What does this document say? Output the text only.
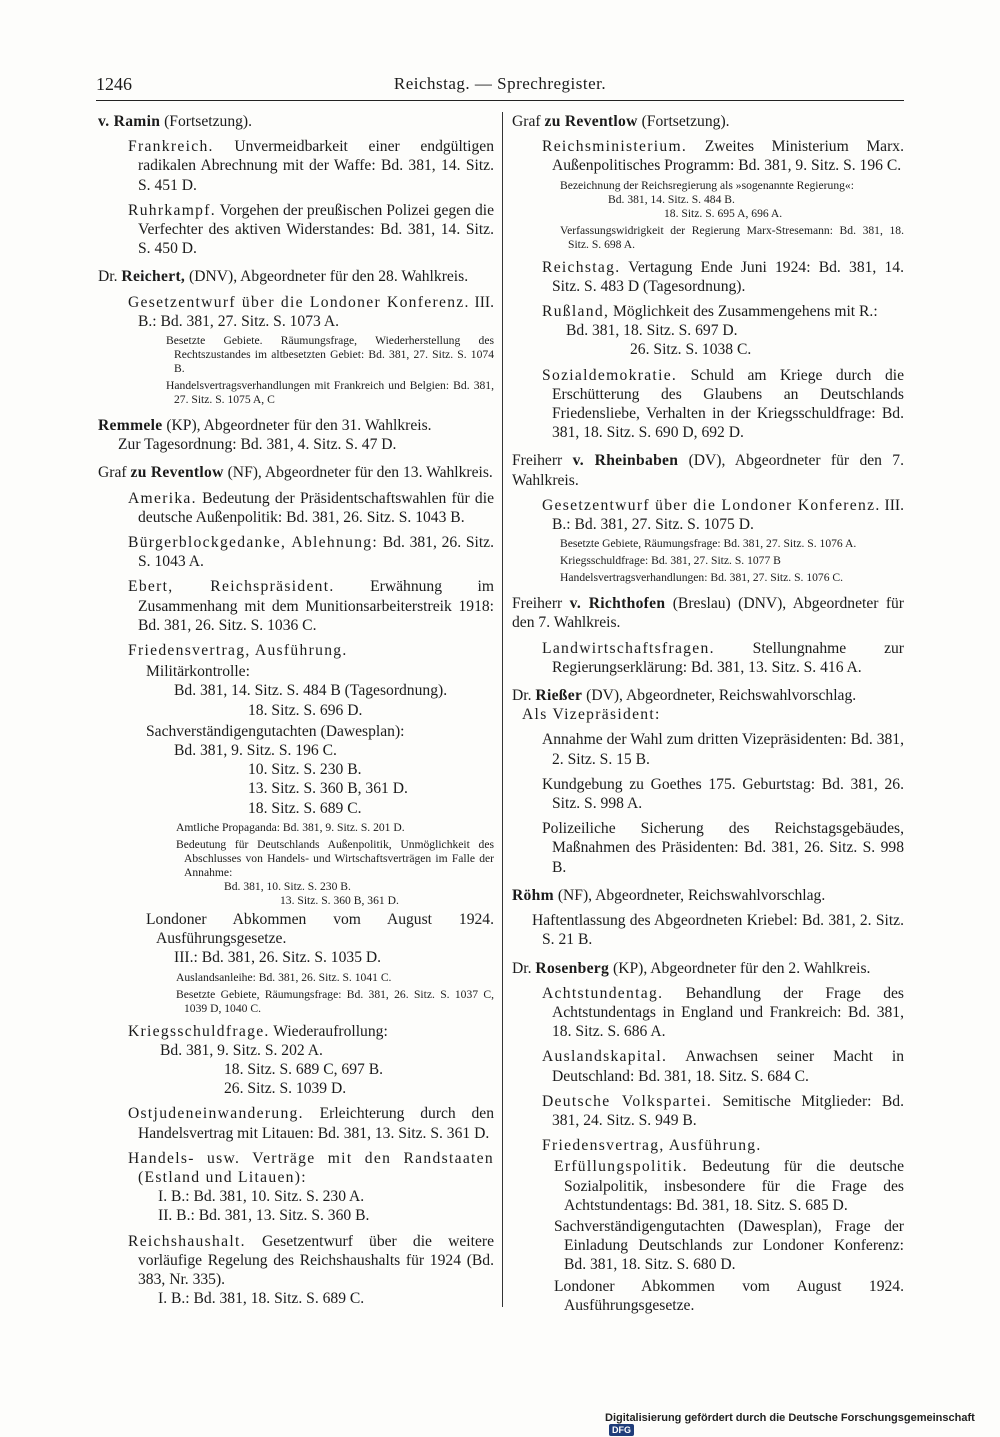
1246	Reichstag. — Sprechregister.
v. Ramin (Fortsetzung).
Frankreich. Unvermeidbarkeit einer endgültigen radikalen Abrechnung mit der Waffe: Bd. 381, 14. Sitz. S. 451 D.
Ruhrkampf. Vorgehen der preußischen Polizei gegen die Verfechter des aktiven Widerstandes: Bd. 381, 14. Sitz. S. 450 D.
Dr. Reichert, (DNV), Abgeordneter für den 28. Wahlkreis.
Gesetzentwurf über die Londoner Konferenz. III. B.: Bd. 381, 27. Sitz. S. 1073 A.
Besetzte Gebiete. Räumungsfrage, Wiederherstellung des Rechtszustandes im altbesetzten Gebiet: Bd. 381, 27. Sitz. S. 1074 B.
Handelsvertragsverhandlungen mit Frankreich und Belgien: Bd. 381, 27. Sitz. S. 1075 A, C
Remmele (KP), Abgeordneter für den 31. Wahlkreis.
Zur Tagesordnung: Bd. 381, 4. Sitz. S. 47 D.
Graf zu Reventlow (NF), Abgeordneter für den 13. Wahlkreis.
Amerika. Bedeutung der Präsidentschaftswahlen für die deutsche Außenpolitik: Bd. 381, 26. Sitz. S. 1043 B.
Bürgerblockgedanke, Ablehnung: Bd. 381, 26. Sitz. S. 1043 A.
Ebert, Reichspräsident. Erwähnung im Zusammenhang mit dem Munitionsarbeiterstreik 1918: Bd. 381, 26. Sitz. S. 1036 C.
Friedensvertrag, Ausführung.
Militärkontrolle:
Bd. 381, 14. Sitz. S. 484 B (Tagesordnung).
18. Sitz. S. 696 D.
Sachverständigengutachten (Dawesplan):
Bd. 381, 9. Sitz. S. 196 C.
10. Sitz. S. 230 B.
13. Sitz. S. 360 B, 361 D.
18. Sitz. S. 689 C.
Amtliche Propaganda: Bd. 381, 9. Sitz. S. 201 D.
Bedeutung für Deutschlands Außenpolitik, Unmöglichkeit des Abschlusses von Handels- und Wirtschaftsverträgen im Falle der Annahme:
Bd. 381, 10. Sitz. S. 230 B.
13. Sitz. S. 360 B, 361 D.
Londoner Abkommen vom August 1924. Ausführungsgesetze.
III.: Bd. 381, 26. Sitz. S. 1035 D.
Auslandsanleihe: Bd. 381, 26. Sitz. S. 1041 C.
Besetzte Gebiete, Räumungsfrage: Bd. 381, 26. Sitz. S. 1037 C, 1039 D, 1040 C.
Kriegsschuldfrage. Wiederaufrollung:
Bd. 381, 9. Sitz. S. 202 A.
18. Sitz. S. 689 C, 697 B.
26. Sitz. S. 1039 D.
Ostjudeneinwanderung. Erleichterung durch den Handelsvertrag mit Litauen: Bd. 381, 13. Sitz. S. 361 D.
Handels- usw. Verträge mit den Randstaaten (Estland und Litauen):
I. B.: Bd. 381, 10. Sitz. S. 230 A.
II. B.: Bd. 381, 13. Sitz. S. 360 B.
Reichshaushalt. Gesetzentwurf über die weitere vorläufige Regelung des Reichshaushalts für 1924 (Bd. 383, Nr. 335).
I. B.: Bd. 381, 18. Sitz. S. 689 C.
Graf zu Reventlow (Fortsetzung).
Reichsministerium. Zweites Ministerium Marx. Außenpolitisches Programm: Bd. 381, 9. Sitz. S. 196 C.
Bezeichnung der Reichsregierung als »sogenannte Regierung«:
Bd. 381, 14. Sitz. S. 484 B.
18. Sitz. S. 695 A, 696 A.
Verfassungswidrigkeit der Regierung Marx-Stresemann: Bd. 381, 18. Sitz. S. 698 A.
Reichstag. Vertagung Ende Juni 1924: Bd. 381, 14. Sitz. S. 483 D (Tagesordnung).
Rußland, Möglichkeit des Zusammengehens mit R.:
Bd. 381, 18. Sitz. S. 697 D.
26. Sitz. S. 1038 C.
Sozialdemokratie. Schuld am Kriege durch die Erschütterung des Glaubens an Deutschlands Friedensliebe, Verhalten in der Kriegsschuldfrage: Bd. 381, 18. Sitz. S. 690 D, 692 D.
Freiherr v. Rheinbaben (DV), Abgeordneter für den 7. Wahlkreis.
Gesetzentwurf über die Londoner Konferenz. III. B.: Bd. 381, 27. Sitz. S. 1075 D.
Besetzte Gebiete, Räumungsfrage: Bd. 381, 27. Sitz. S. 1076 A.
Kriegsschuldfrage: Bd. 381, 27. Sitz. S. 1077 B
Handelsvertragsverhandlungen: Bd. 381, 27. Sitz. S. 1076 C.
Freiherr v. Richthofen (Breslau) (DNV), Abgeordneter für den 7. Wahlkreis.
Landwirtschaftsfragen. Stellungnahme zur Regierungserklärung: Bd. 381, 13. Sitz. S. 416 A.
Dr. Rießer (DV), Abgeordneter, Reichswahlvorschlag.
Als Vizepräsident:
Annahme der Wahl zum dritten Vizepräsidenten: Bd. 381, 2. Sitz. S. 15 B.
Kundgebung zu Goethes 175. Geburtstag: Bd. 381, 26. Sitz. S. 998 A.
Polizeiliche Sicherung des Reichstagsgebäudes, Maßnahmen des Präsidenten: Bd. 381, 26. Sitz. S. 998 B.
Röhm (NF), Abgeordneter, Reichswahlvorschlag.
Haftentlassung des Abgeordneten Kriebel: Bd. 381, 2. Sitz. S. 21 B.
Dr. Rosenberg (KP), Abgeordneter für den 2. Wahlkreis.
Achtstundentag. Behandlung der Frage des Achtstundentags in England und Frankreich: Bd. 381, 18. Sitz. S. 686 A.
Auslandskapital. Anwachsen seiner Macht in Deutschland: Bd. 381, 18. Sitz. S. 684 C.
Deutsche Volkspartei. Semitische Mitglieder: Bd. 381, 24. Sitz. S. 949 B.
Friedensvertrag, Ausführung.
Erfüllungspolitik. Bedeutung für die deutsche Sozialpolitik, insbesondere für die Frage des Achtstundentags: Bd. 381, 18. Sitz. S. 685 D.
Sachverständigengutachten (Dawesplan), Frage der Einladung Deutschlands zur Londoner Konferenz: Bd. 381, 18. Sitz. S. 680 D.
Londoner Abkommen vom August 1924. Ausführungsgesetze.
Digitalisierung gefördert durch die Deutsche ForschungsgemeinschaftDFG
